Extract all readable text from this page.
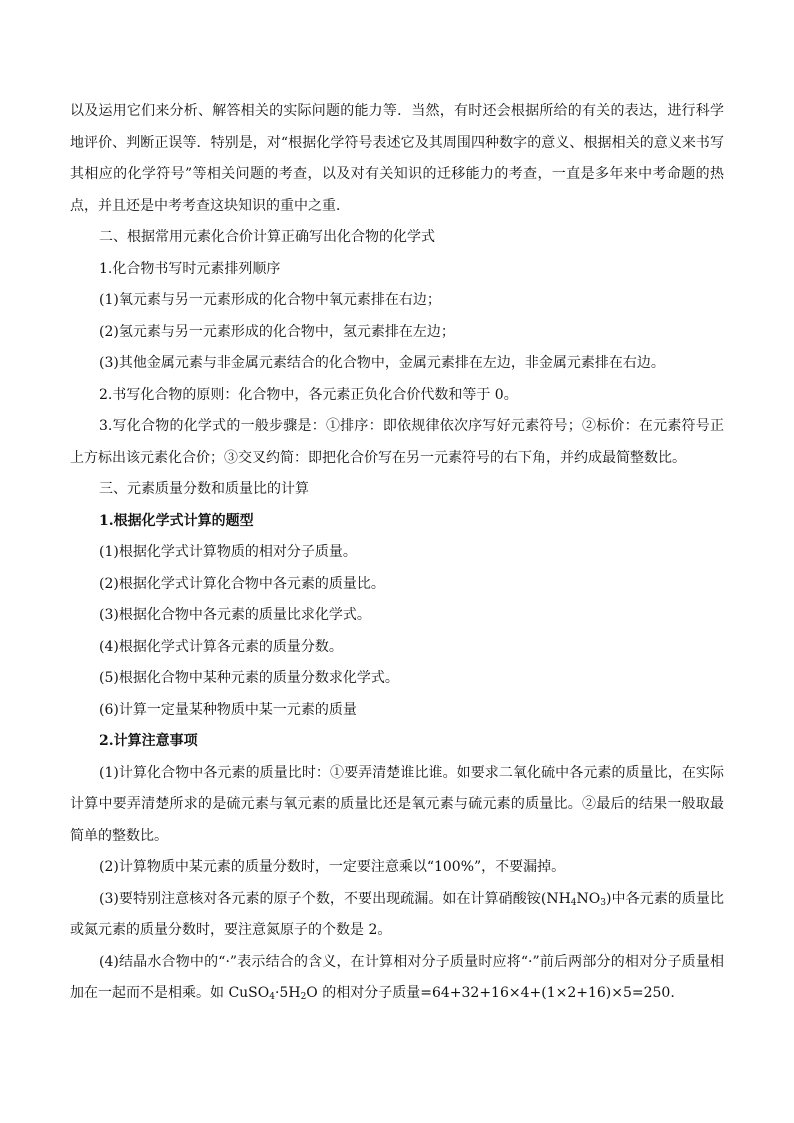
以及运用它们来分析、解答相关的实际问题的能力等．当然，有时还会根据所给的有关的表达，进行科学地评价、判断正误等．特别是，对“根据化学符号表述它及其周围四种数字的意义、根据相关的意义来书写其相应的化学符号”等相关问题的考查，以及对有关知识的迁移能力的考查，一直是多年来中考命题的热点，并且还是中考考查这块知识的重中之重．

二、根据常用元素化合价计算正确写出化合物的化学式

1.化合物书写时元素排列顺序

(1)氧元素与另一元素形成的化合物中氧元素排在右边；

(2)氢元素与另一元素形成的化合物中，氢元素排在左边；

(3)其他金属元素与非金属元素结合的化合物中，金属元素排在左边，非金属元素排在右边。

2.书写化合物的原则：化合物中，各元素正负化合价代数和等于 0。

3.写化合物的化学式的一般步骤是：①排序：即依规律依次序写好元素符号；②标价：在元素符号正上方标出该元素化合价；③交叉约简：即把化合价写在另一元素符号的右下角，并约成最简整数比。

三、元素质量分数和质量比的计算

1.根据化学式计算的题型

(1)根据化学式计算物质的相对分子质量。

(2)根据化学式计算化合物中各元素的质量比。

(3)根据化合物中各元素的质量比求化学式。

(4)根据化学式计算各元素的质量分数。

(5)根据化合物中某种元素的质量分数求化学式。

(6)计算一定量某种物质中某一元素的质量

2.计算注意事项

(1)计算化合物中各元素的质量比时：①要弄清楚谁比谁。如要求二氧化硫中各元素的质量比，在实际计算中要弄清楚所求的是硫元素与氧元素的质量比还是氧元素与硫元素的质量比。②最后的结果一般取最简单的整数比。

(2)计算物质中某元素的质量分数时，一定要注意乘以“100%”，不要漏掉。

(3)要特别注意核对各元素的原子个数，不要出现疏漏。如在计算硝酸铵$(NH_4NO_3)$中各元素的质量比或氮元素的质量分数时，要注意氮原子的个数是 2。

(4)结晶水合物中的“·”表示结合的含义，在计算相对分子质量时应将“·”前后两部分的相对分子质量相加在一起而不是相乘。如 $CuSO_4\cdot 5H_2O$ 的相对分子质量=64+32+16×4+(1×2+16)×5=250.
